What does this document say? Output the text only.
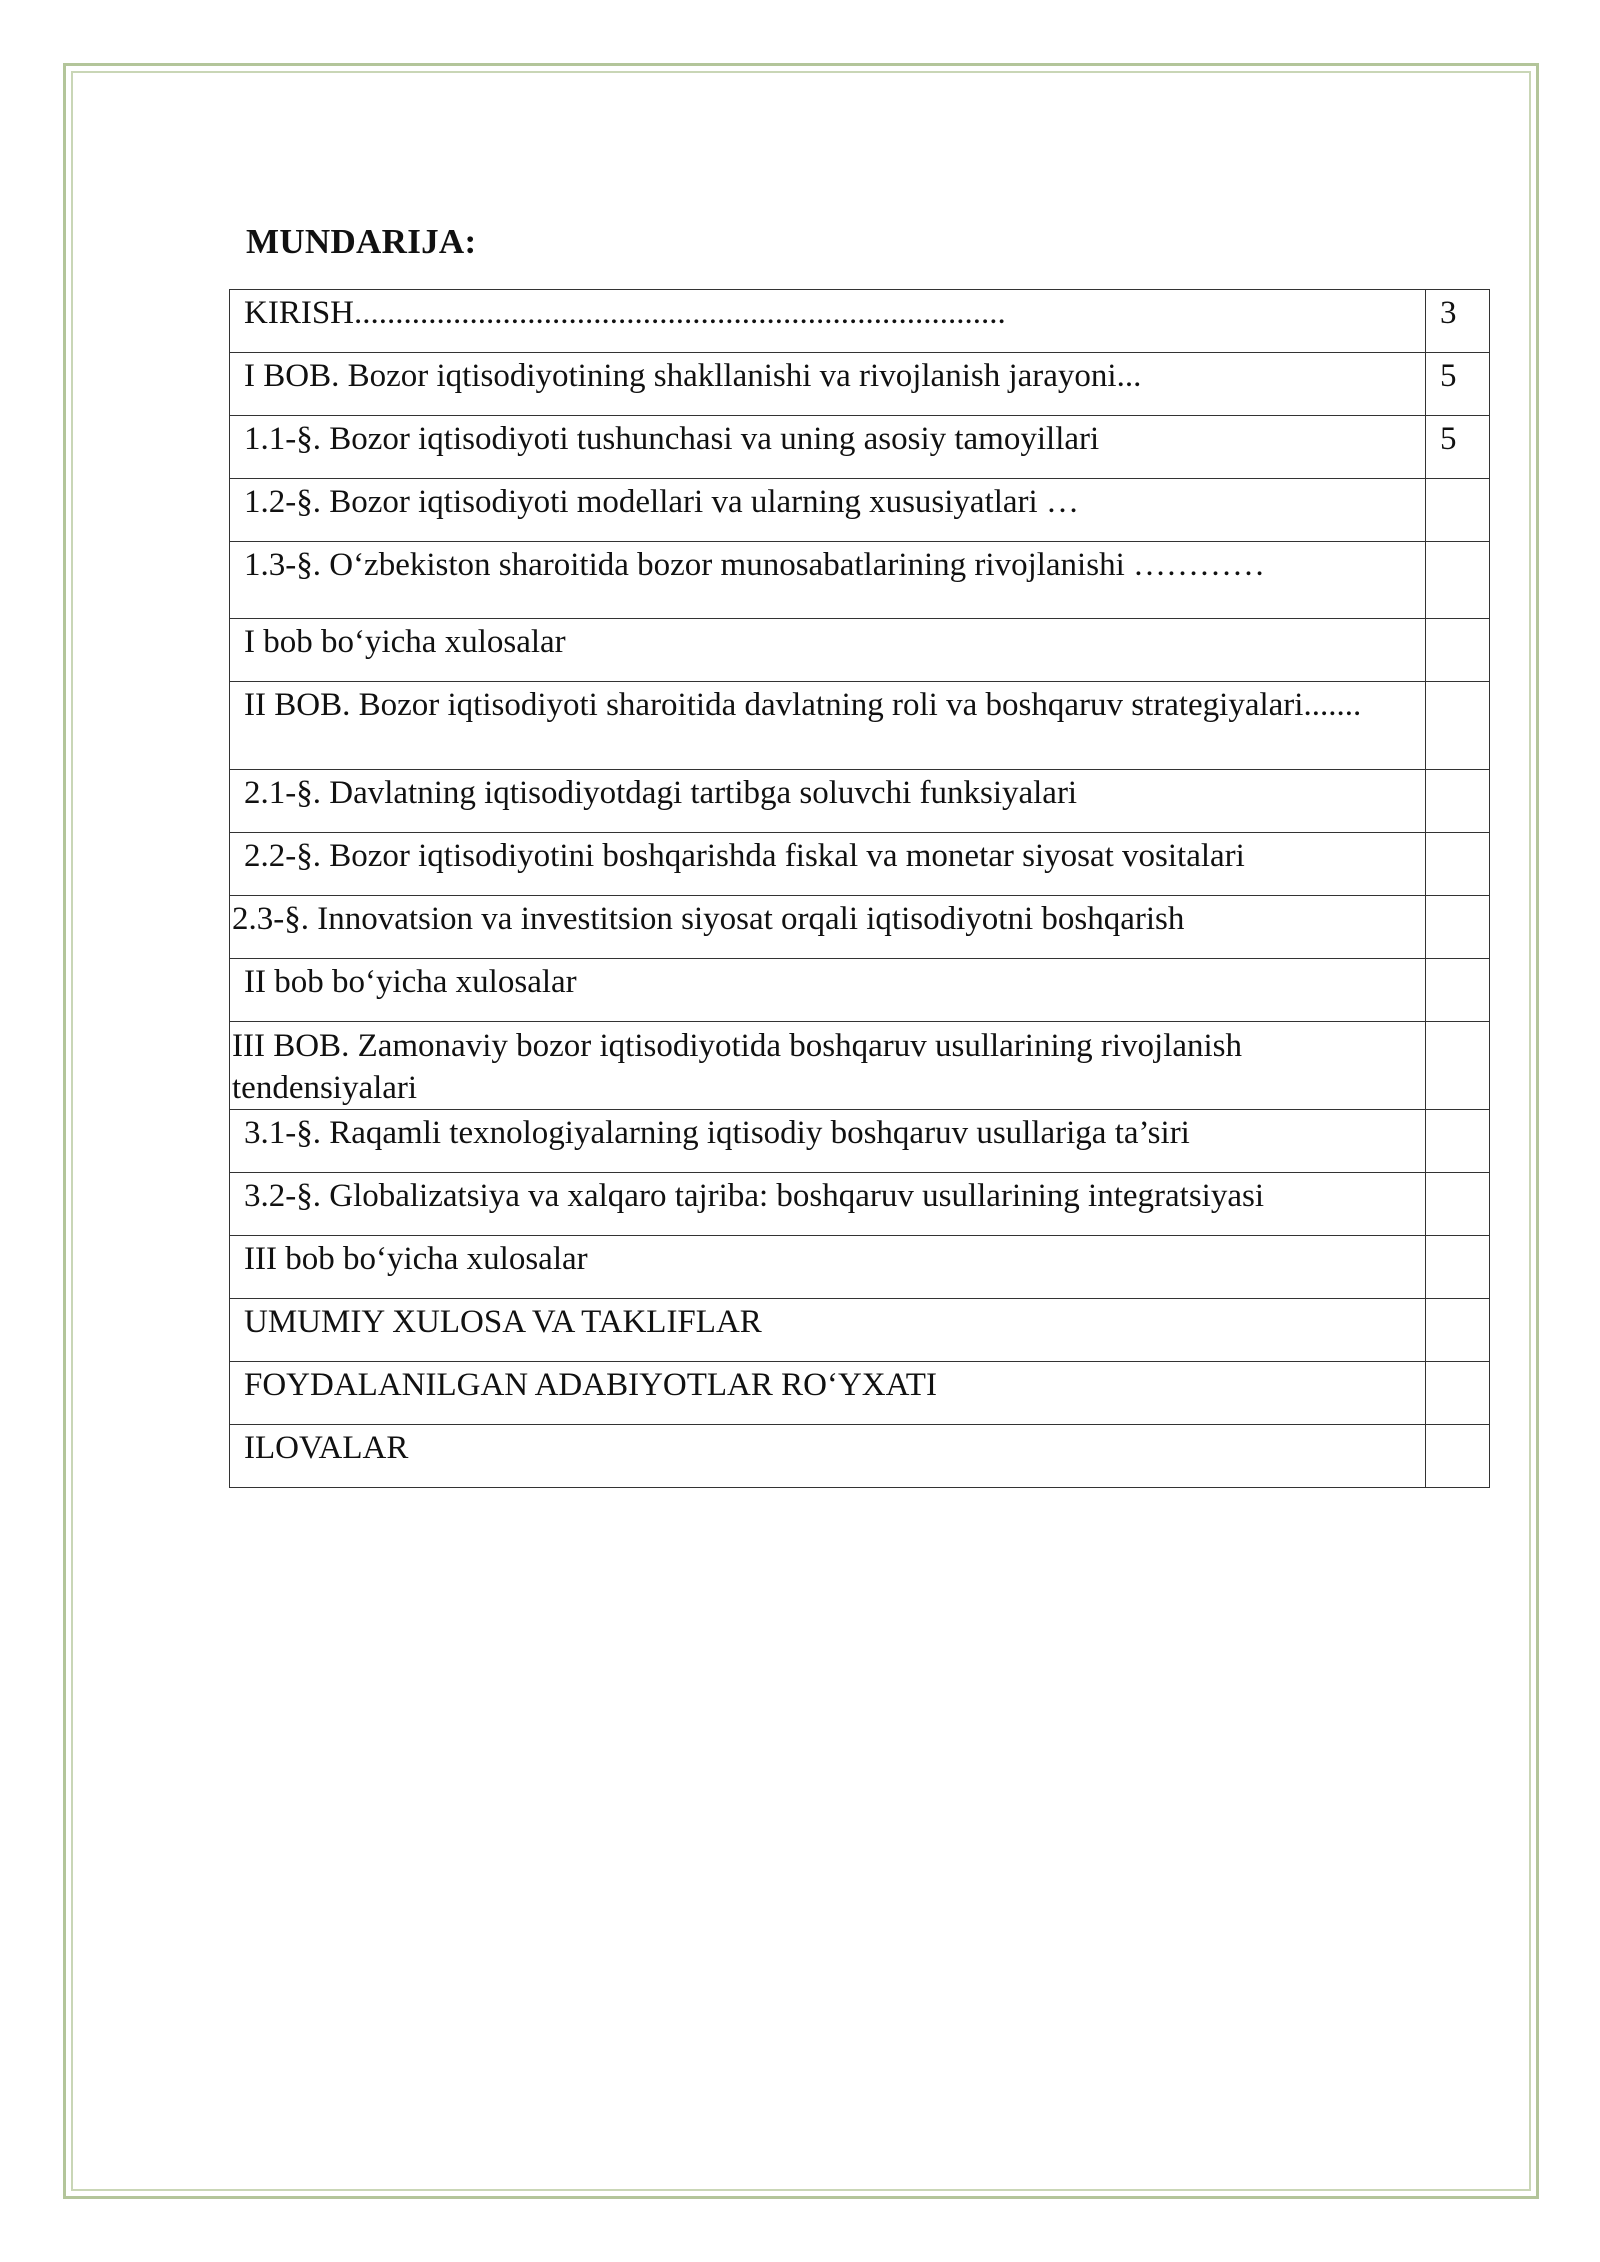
MUNDARIJA:
KIRISH...............................................................................	3
I BOB. Bozor iqtisodiyotining shakllanishi va rivojlanish jarayoni...	5
1.1-§. Bozor iqtisodiyoti tushunchasi va uning asosiy tamoyillari	5
1.2-§. Bozor iqtisodiyoti modellari va ularning xususiyatlari …	
1.3-§. O‘zbekiston sharoitida bozor munosabatlarining rivojlanishi …………	
I bob bo‘yicha xulosalar	
II BOB. Bozor iqtisodiyoti sharoitida davlatning roli va boshqaruv strategiyalari.......	
2.1-§. Davlatning iqtisodiyotdagi tartibga soluvchi funksiyalari	
2.2-§. Bozor iqtisodiyotini boshqarishda fiskal va monetar siyosat vositalari	
2.3-§. Innovatsion va investitsion siyosat orqali iqtisodiyotni boshqarish	
II bob bo‘yicha xulosalar	
III BOB. Zamonaviy bozor iqtisodiyotida boshqaruv usullarining rivojlanish tendensiyalari	
3.1-§. Raqamli texnologiyalarning iqtisodiy boshqaruv usullariga ta’siri	
3.2-§. Globalizatsiya va xalqaro tajriba: boshqaruv usullarining integratsiyasi	
III bob bo‘yicha xulosalar	
UMUMIY XULOSA VA TAKLIFLAR	
FOYDALANILGAN ADABIYOTLAR RO‘YXATI	
ILOVALAR	
